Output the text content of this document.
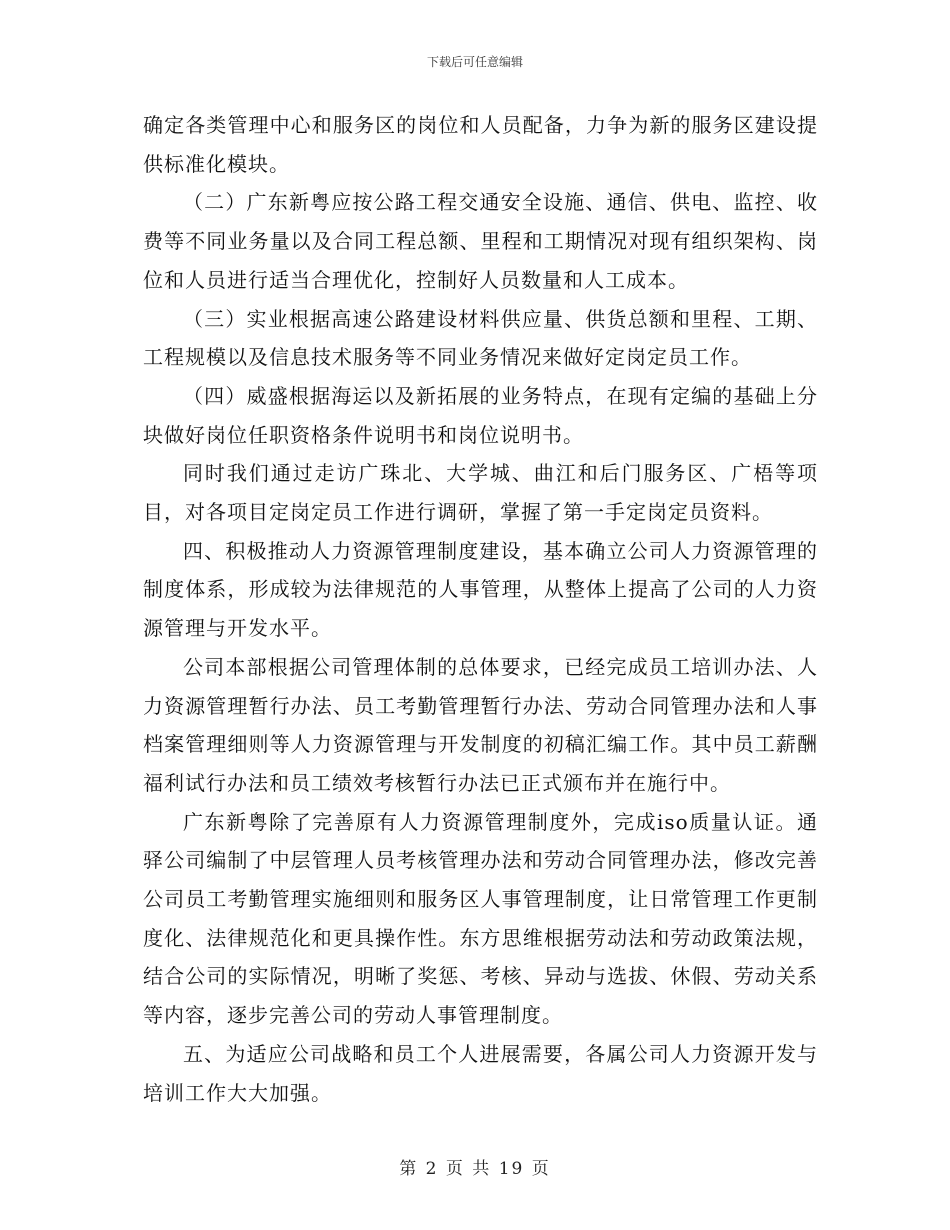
下载后可任意编辑

确定各类管理中心和服务区的岗位和人员配备，力争为新的服务区建设提供标准化模块。

（二）广东新粤应按公路工程交通安全设施、通信、供电、监控、收费等不同业务量以及合同工程总额、里程和工期情况对现有组织架构、岗位和人员进行适当合理优化，控制好人员数量和人工成本。

（三）实业根据高速公路建设材料供应量、供货总额和里程、工期、工程规模以及信息技术服务等不同业务情况来做好定岗定员工作。

（四）威盛根据海运以及新拓展的业务特点，在现有定编的基础上分块做好岗位任职资格条件说明书和岗位说明书。

同时我们通过走访广珠北、大学城、曲江和后门服务区、广梧等项目，对各项目定岗定员工作进行调研，掌握了第一手定岗定员资料。

四、积极推动人力资源管理制度建设，基本确立公司人力资源管理的制度体系，形成较为法律规范的人事管理，从整体上提高了公司的人力资源管理与开发水平。

公司本部根据公司管理体制的总体要求，已经完成员工培训办法、人力资源管理暂行办法、员工考勤管理暂行办法、劳动合同管理办法和人事档案管理细则等人力资源管理与开发制度的初稿汇编工作。其中员工薪酬福利试行办法和员工绩效考核暂行办法已正式颁布并在施行中。

广东新粤除了完善原有人力资源管理制度外，完成iso质量认证。通驿公司编制了中层管理人员考核管理办法和劳动合同管理办法，修改完善公司员工考勤管理实施细则和服务区人事管理制度，让日常管理工作更制度化、法律规范化和更具操作性。东方思维根据劳动法和劳动政策法规，结合公司的实际情况，明晰了奖惩、考核、异动与选拔、休假、劳动关系等内容，逐步完善公司的劳动人事管理制度。

五、为适应公司战略和员工个人进展需要，各属公司人力资源开发与培训工作大大加强。

第 2 页 共 19 页
